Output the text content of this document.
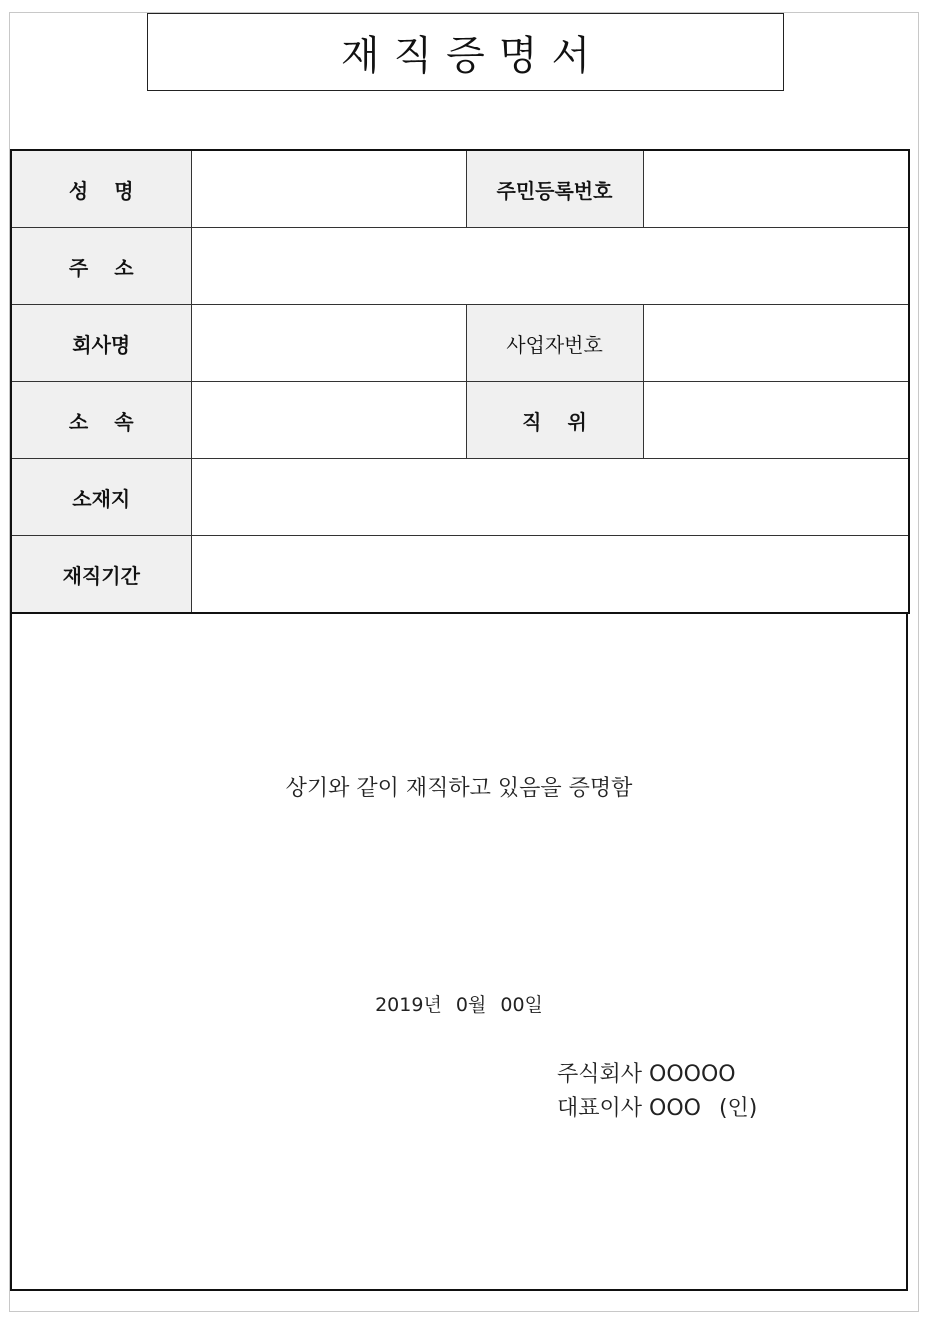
재직증명서
성명		주민등록번호	
주소			
회사명		사업자번호	
소속		직위	
소재지			
재직기간			
상기와 같이 재직하고 있음을 증명함
2019년 0월 00일
주식회사 OOOOO
대표이사 OOO (인)
